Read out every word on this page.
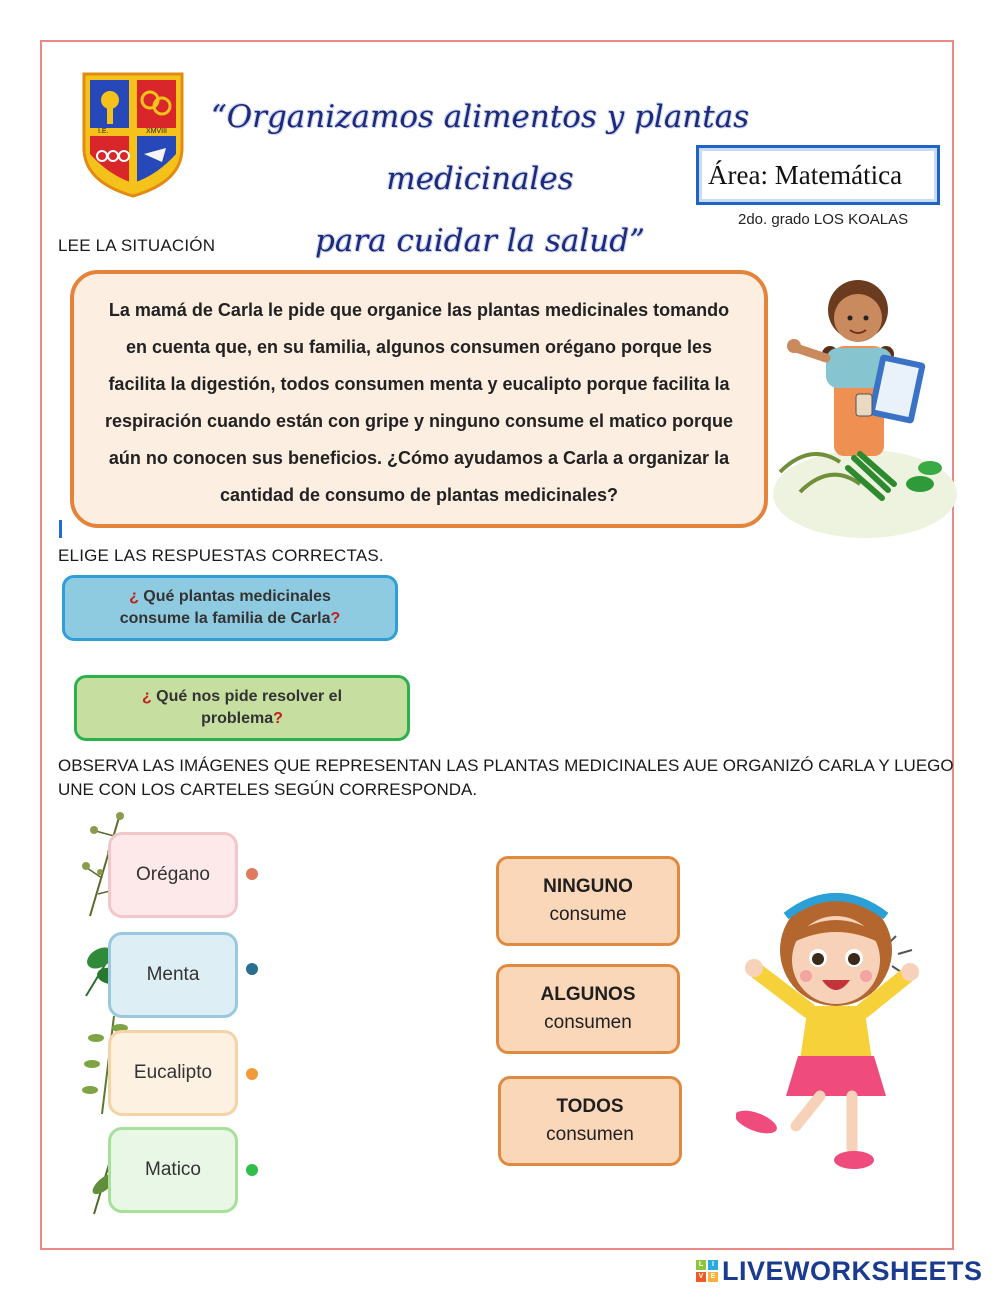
I.E.	XMVIII	“Organizamos alimentos y plantas medicinales
para cuidar la salud”
Área: Matemática
2do. grado LOS KOALAS
LEE LA SITUACIÓN
La mamá de Carla le pide que organice las plantas medicinales tomando en cuenta que, en su familia, algunos consumen orégano porque les facilita la digestión, todos consumen menta y eucalipto porque facilita la respiración cuando están con gripe y ninguno consume el matico porque aún no conocen sus beneficios. ¿Cómo ayudamos a Carla a organizar la cantidad de consumo de plantas medicinales?
ELIGE LAS RESPUESTAS CORRECTAS.
¿ Qué plantas medicinales
consume la familia de Carla?
¿ Qué nos pide resolver el
problema?
OBSERVA LAS IMÁGENES QUE REPRESENTAN LAS PLANTAS MEDICINALES AUE ORGANIZÓ CARLA Y LUEGO UNE CON LOS CARTELES SEGÚN CORRESPONDA.
Orégano
Menta
Eucalipto
Matico
NINGUNO
consume
ALGUNOS
consumen
TODOS
consumen
L	I
V	E LIVEWORKSHEETS
